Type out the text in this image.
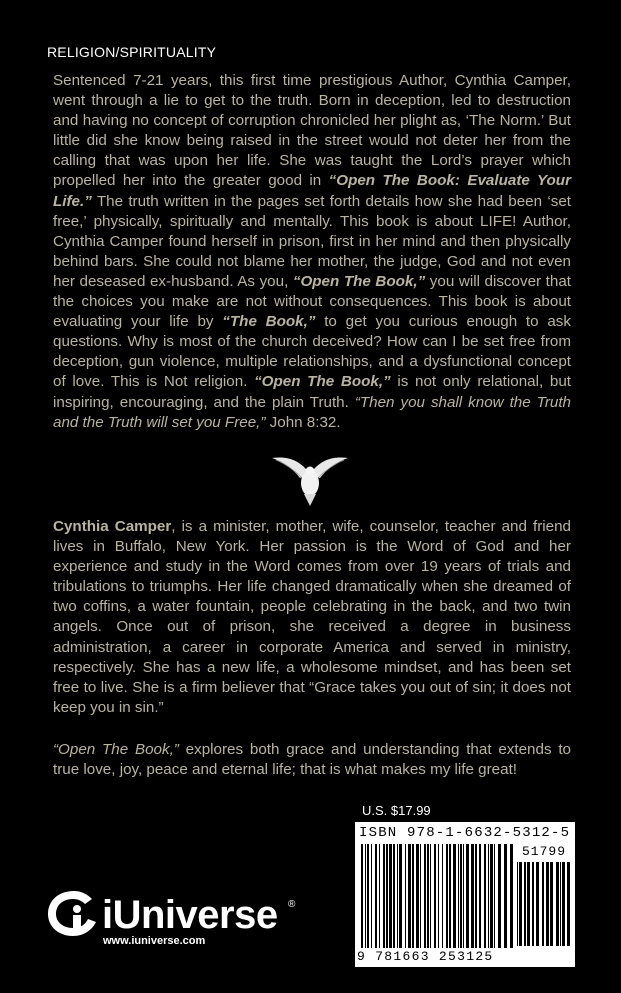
RELIGION/SPIRITUALITY

Sentenced 7-21 years, this first time prestigious Author, Cynthia Camper, went through a lie to get to the truth. Born in deception, led to destruction and having no concept of corruption chronicled her plight as, ‘The Norm.’ But little did she know being raised in the street would not deter her from the calling that was upon her life. She was taught the Lord’s prayer which propelled her into the greater good in “Open The Book: Evaluate Your Life.” The truth written in the pages set forth details how she had been ‘set free,’ physically, spiritually and mentally. This book is about LIFE! Author, Cynthia Camper found herself in prison, first in her mind and then physically behind bars. She could not blame her mother, the judge, God and not even her deseased ex-husband. As you, “Open The Book,” you will discover that the choices you make are not without consequences. This book is about evaluating your life by “The Book,” to get you curious enough to ask questions. Why is most of the church deceived? How can I be set free from deception, gun violence, multiple relationships, and a dysfunctional concept of love. This is Not religion. “Open The Book,” is not only relational, but inspiring, encouraging, and the plain Truth. “Then you shall know the Truth and the Truth will set you Free,” John 8:32.

Cynthia Camper, is a minister, mother, wife, counselor, teacher and friend lives in Buffalo, New York. Her passion is the Word of God and her experience and study in the Word comes from over 19 years of trials and tribulations to triumphs. Her life changed dramatically when she dreamed of two coffins, a water fountain, people celebrating in the back, and two twin angels. Once out of prison, she received a degree in business administration, a career in corporate America and served in ministry, respectively. She has a new life, a wholesome mindset, and has been set free to live. She is a firm believer that “Grace takes you out of sin; it does not keep you in sin.”

“Open The Book,” explores both grace and understanding that extends to true love, joy, peace and eternal life; that is what makes my life great!

U.S. $17.99
ISBN 978-1-6632-5312-5
51799
9 781663 253125
iUniverse ®
www.iuniverse.com
